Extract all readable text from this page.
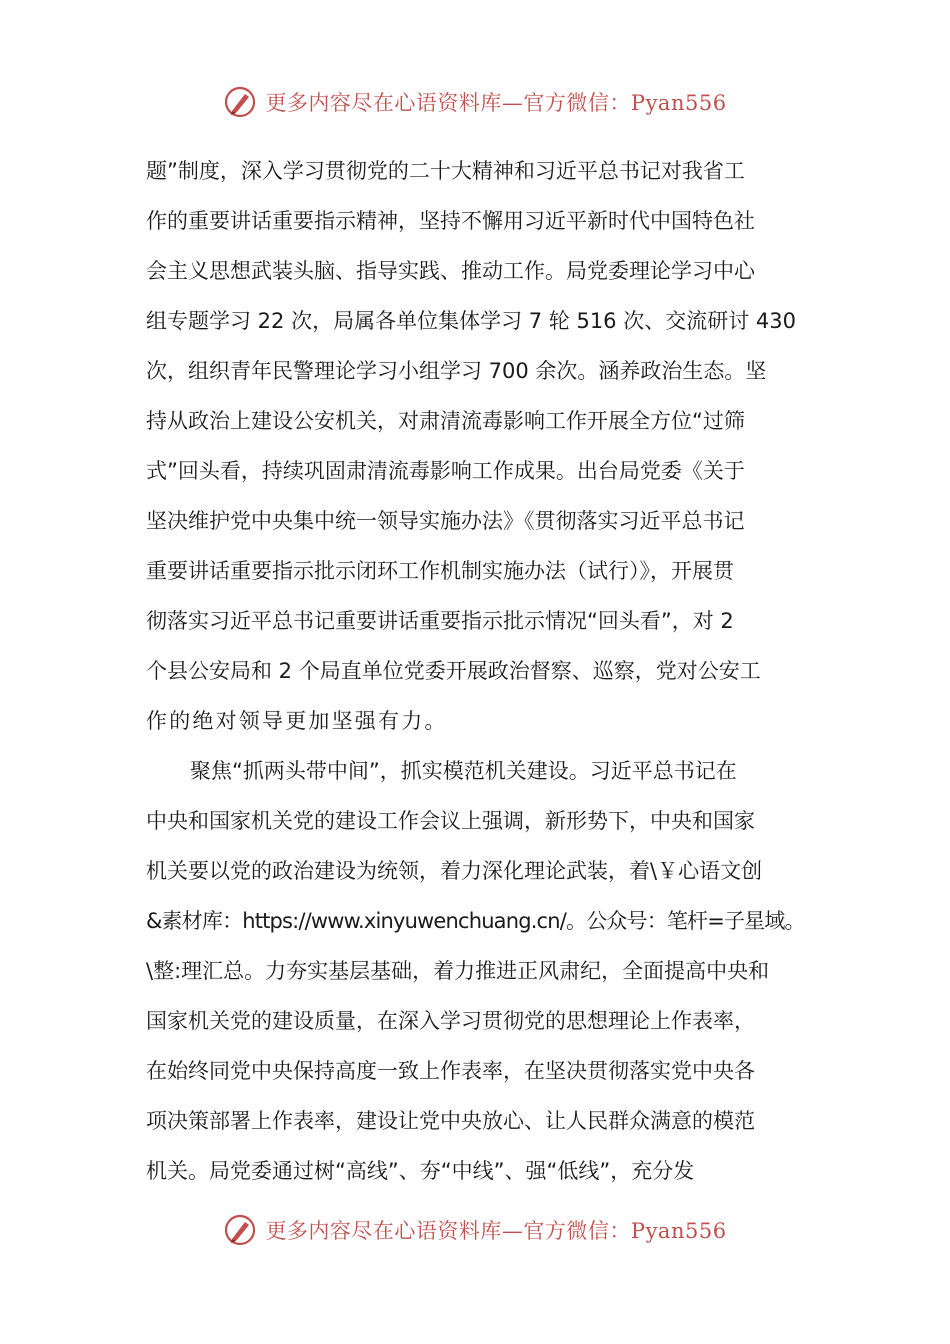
更多内容尽在心语资料库—官方微信：Pyan556
题”制度，深入学习贯彻党的二十大精神和习近平总书记对我省工
作的重要讲话重要指示精神，坚持不懈用习近平新时代中国特色社
会主义思想武装头脑、指导实践、推动工作。局党委理论学习中心
组专题学习 22 次，局属各单位集体学习 7 轮 516 次、交流研讨 430
次，组织青年民警理论学习小组学习 700 余次。涵养政治生态。坚
持从政治上建设公安机关，对肃清流毒影响工作开展全方位“过筛
式”回头看，持续巩固肃清流毒影响工作成果。出台局党委《关于
坚决维护党中央集中统一领导实施办法》《贯彻落实习近平总书记
重要讲话重要指示批示闭环工作机制实施办法（试行）》，开展贯
彻落实习近平总书记重要讲话重要指示批示情况“回头看”，对 2
个县公安局和 2 个局直单位党委开展政治督察、巡察，党对公安工
作的绝对领导更加坚强有力。
聚焦“抓两头带中间”，抓实模范机关建设。习近平总书记在
中央和国家机关党的建设工作会议上强调，新形势下，中央和国家
机关要以党的政治建设为统领，着力深化理论武装，着\￥心语文创
&素材库：https://www.xinyuwenchuang.cn/。公众号：笔杆=子星域。
\整:理汇总。力夯实基层基础，着力推进正风肃纪，全面提高中央和
国家机关党的建设质量，在深入学习贯彻党的思想理论上作表率，
在始终同党中央保持高度一致上作表率，在坚决贯彻落实党中央各
项决策部署上作表率，建设让党中央放心、让人民群众满意的模范
机关。局党委通过树“高线”、夯“中线”、强“低线”，充分发
更多内容尽在心语资料库—官方微信：Pyan556
